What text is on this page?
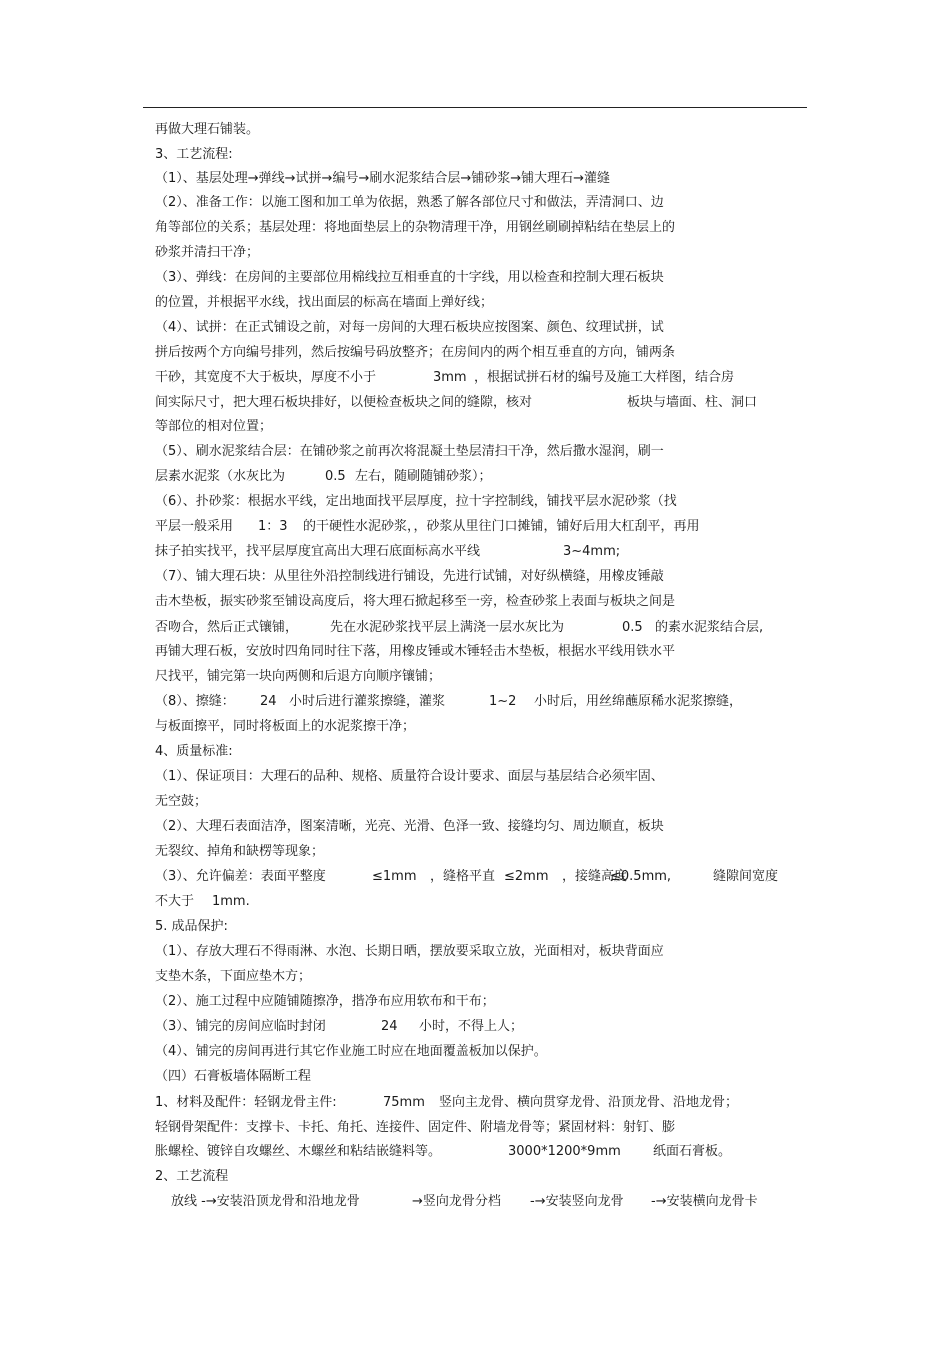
再做大理石铺装。
3、工艺流程:
（1）、基层处理→弹线→试拼→编号→刷水泥浆结合层→铺砂浆→铺大理石→灌缝
（2）、准备工作：以施工图和加工单为依据，熟悉了解各部位尺寸和做法，弄清洞口、边
角等部位的关系；基层处理：将地面垫层上的杂物清理干净，用钢丝刷刷掉粘结在垫层上的
砂浆并清扫干净；
（3）、弹线：在房间的主要部位用棉线拉互相垂直的十字线，用以检查和控制大理石板块
的位置，并根据平水线，找出面层的标高在墙面上弹好线；
（4）、试拼：在正式铺设之前，对每一房间的大理石板块应按图案、颜色、纹理试拼，试
拼后按两个方向编号排列，然后按编号码放整齐；在房间内的两个相互垂直的方向，铺两条
干砂，其宽度不大于板块，厚度不小于	3mm ，根据试拼石材的编号及施工大样图，结合房
间实际尺寸，把大理石板块排好，以便检查板块之间的缝隙，核对	板块与墙面、柱、洞口
等部位的相对位置；
（5）、刷水泥浆结合层：在铺砂浆之前再次将混凝土垫层清扫干净，然后撒水湿润，刷一
层素水泥浆（水灰比为	0.5 左右，随刷随铺砂浆）；
（6）、扑砂浆：根据水平线，定出地面找平层厚度，拉十字控制线，铺找平层水泥砂浆（找
平层一般采用 1：3 的干硬性水泥砂浆，，砂浆从里往门口摊铺，铺好后用大杠刮平，再用
抹子拍实找平，找平层厚度宜高出大理石底面标高水平线	3~4mm;
（7）、铺大理石块：从里往外沿控制线进行铺设，先进行试铺，对好纵横缝，用橡皮锤敲
击木垫板，振实砂浆至铺设高度后，将大理石掀起移至一旁，检查砂浆上表面与板块之间是
否吻合，然后正式镶铺， 先在水泥砂浆找平层上满浇一层水灰比为	0.5 的素水泥浆结合层,
再铺大理石板，安放时四角同时往下落，用橡皮锤或木锤轻击木垫板，根据水平线用铁水平
尺找平，铺完第一块向两侧和后退方向顺序镶铺；
（8）、擦缝： 24 小时后进行灌浆擦缝，灌浆	1~2 小时后，用丝绵蘸原稀水泥浆擦缝，
与板面擦平，同时将板面上的水泥浆擦干净；
4、质量标准:
（1）、保证项目：大理石的品种、规格、质量符合设计要求、面层与基层结合必须牢固、
无空鼓；
（2）、大理石表面洁净，图案清晰，光亮、光滑、色泽一致、接缝均匀、周边顺直，板块
无裂纹、掉角和缺楞等现象；
（3）、允许偏差：表面平整度	≤1mm ，缝格平直 ≤2mm ，接缝高度
≤0.5mm,	缝隙间宽度
不大于 1mm.
5. 成品保护:
（1）、存放大理石不得雨淋、水泡、长期日晒，摆放要采取立放，光面相对，板块背面应
支垫木条，下面应垫木方；
（2）、施工过程中应随铺随擦净，揩净布应用软布和干布；
（3）、铺完的房间应临时封闭	24 小时，不得上人；
（4）、铺完的房间再进行其它作业施工时应在地面覆盖板加以保护。
（四）石膏板墙体隔断工程
1、材料及配件：轻钢龙骨主件:	75mm 竖向主龙骨、横向贯穿龙骨、沿顶龙骨、沿地龙骨；
轻钢骨架配件：支撑卡、卡托、角托、连接件、固定件、附墙龙骨等；紧固材料：射钉、膨
胀螺栓、镀锌自攻螺丝、木螺丝和粘结嵌缝料等。	3000*1200*9mm 纸面石膏板。
2、工艺流程
放线 -→安装沿顶龙骨和沿地龙骨	→竖向龙骨分档 -→安装竖向龙骨 -→安装横向龙骨卡
